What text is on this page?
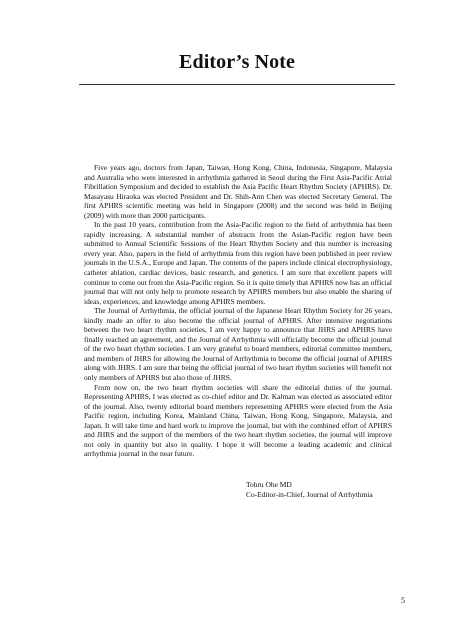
Editor’s Note

Five years ago, doctors from Japan, Taiwan, Hong Kong, China, Indonesia, Singapore, Malaysia and Australia who were interested in arrhythmia gathered in Seoul during the First Asia-Pacific Atrial Fibrillation Symposium and decided to establish the Asia Pacific Heart Rhythm Society (APHRS). Dr. Masayasu Hiraoka was elected President and Dr. Shih-Ann Chen was elected Secretary General. The first APHRS scientific meeting was held in Singapore (2008) and the second was held in Beijing (2009) with more than 2000 participants.

In the past 10 years, contribution from the Asia-Pacific region to the field of arrhythmia has been rapidly increasing. A substantial number of abstracts from the Asian-Pacific region have been submitted to Annual Scientific Sessions of the Heart Rhythm Society and this number is increasing every year. Also, papers in the field of arrhythmia from this region have been published in peer review journals in the U.S.A., Europe and Japan. The contents of the papers include clinical electrophysiology, catheter ablation, cardiac devices, basic research, and genetics. I am sure that excellent papers will continue to come out from the Asia-Pacific region. So it is quite timely that APHRS now has an official journal that will not only help to promote research by APHRS members but also enable the sharing of ideas, experiences, and knowledge among APHRS members.

The Journal of Arrhythmia, the official journal of the Japanese Heart Rhythm Society for 26 years, kindly made an offer to also become the official journal of APHRS. After intensive negotiations between the two heart rhythm societies, I am very happy to announce that JHRS and APHRS have finally reached an agreement, and the Journal of Arrhythmia will officially become the official journal of the two heart rhythm societies. I am very grateful to board members, editorial committee members, and members of JHRS for allowing the Journal of Arrhythmia to become the official journal of APHRS along with JHRS. I am sure that being the official journal of two heart rhythm societies will benefit not only members of APHRS but also those of JHRS.

From now on, the two heart rhythm societies will share the editorial duties of the journal. Representing APHRS, I was elected as co-chief editor and Dr. Kalman was elected as associated editor of the journal. Also, twenty editorial board members representing APHRS were elected from the Asia Pacific region, including Korea, Mainland China, Taiwan, Hong Kong, Singapore, Malaysia, and Japan. It will take time and hard work to improve the journal, but with the combined effort of APHRS and JHRS and the support of the members of the two heart rhythm societies, the journal will improve not only in quantity but also in quality. I hope it will become a leading academic and clinical arrhythmia journal in the near future.

Tohru Ohe MD
Co-Editor-in-Chief, Journal of Arrhythmia
5
